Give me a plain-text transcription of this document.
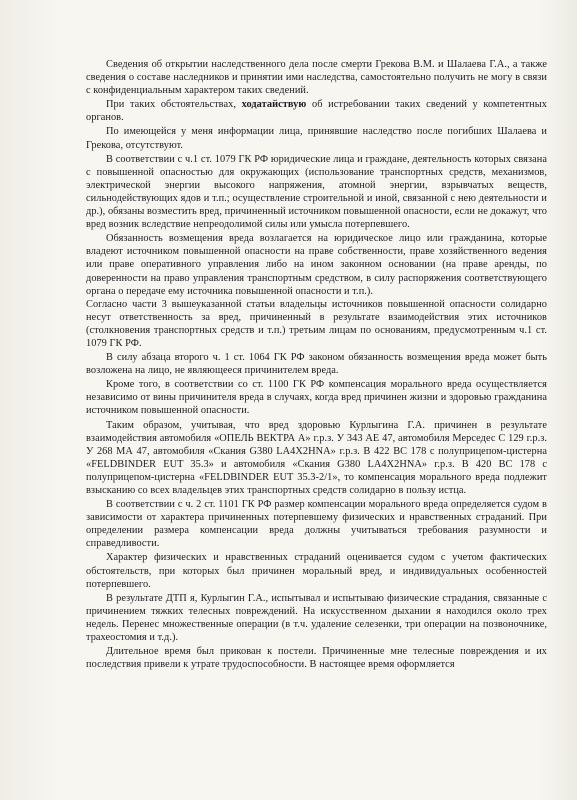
Сведения об открытии наследственного дела после смерти Грекова В.М. и Шалаева Г.А., а также сведения о составе наследников и принятии ими наследства, самостоятельно получить не могу в связи с конфиденциальным характером таких сведений.

При таких обстоятельствах, ходатайствую об истребовании таких сведений у компетентных органов.

По имеющейся у меня информации лица, принявшие наследство после погибших Шалаева и Грекова, отсутствуют.

В соответствии с ч.1 ст. 1079 ГК РФ юридические лица и граждане, деятельность которых связана с повышенной опасностью для окружающих (использование транспортных средств, механизмов, электрической энергии высокого напряжения, атомной энергии, взрывчатых веществ, сильнодействующих ядов и т.п.; осуществление строительной и иной, связанной с нею деятельности и др.), обязаны возместить вред, причиненный источником повышенной опасности, если не докажут, что вред возник вследствие непреодолимой силы или умысла потерпевшего.

Обязанность возмещения вреда возлагается на юридическое лицо или гражданина, которые владеют источником повышенной опасности на праве собственности, праве хозяйственного ведения или праве оперативного управления либо на ином законном основании (на праве аренды, по доверенности на право управления транспортным средством, в силу распоряжения соответствующего органа о передаче ему источника повышенной опасности и т.п.).

Согласно части 3 вышеуказанной статьи владельцы источников повышенной опасности солидарно несут ответственность за вред, причиненный в результате взаимодействия этих источников (столкновения транспортных средств и т.п.) третьим лицам по основаниям, предусмотренным ч.1 ст. 1079 ГК РФ.

В силу абзаца второго ч. 1 ст. 1064 ГК РФ законом обязанность возмещения вреда может быть возложена на лицо, не являющееся причинителем вреда.

Кроме того, в соответствии со ст. 1100 ГК РФ компенсация морального вреда осуществляется независимо от вины причинителя вреда в случаях, когда вред причинен жизни и здоровью гражданина источником повышенной опасности.

Таким образом, учитывая, что вред здоровью Курлыгина Г.А. причинен в результате взаимодействия автомобиля «ОПЕЛЬ ВЕКТРА А» г.р.з. У 343 АЕ 47, автомобиля Мерседес С 129 г.р.з. У 268 МА 47, автомобиля «Скания G380 LA4X2HNA» г.р.з. В 422 ВС 178 с полуприцепом-цистерна «FELDBINDER EUT 35.3» и автомобиля «Скания G380 LA4X2HNA» г.р.з. В 420 ВС 178 с полуприцепом-цистерна «FELDBINDER EUT 35.3-2/1», то компенсация морального вреда подлежит взысканию со всех владельцев этих транспортных средств солидарно в пользу истца.

В соответствии с ч. 2 ст. 1101 ГК РФ размер компенсации морального вреда определяется судом в зависимости от характера причиненных потерпевшему физических и нравственных страданий. При определении размера компенсации вреда должны учитываться требования разумности и справедливости.

Характер физических и нравственных страданий оценивается судом с учетом фактических обстоятельств, при которых был причинен моральный вред, и индивидуальных особенностей потерпевшего.

В результате ДТП я, Курлыгин Г.А., испытывал и испытываю физические страдания, связанные с причинением тяжких телесных повреждений. На искусственном дыхании я находился около трех недель. Перенес множественные операции (в т.ч. удаление селезенки, три операции на позвоночнике, трахеостомия и т.д.).

Длительное время был прикован к постели. Причиненные мне телесные повреждения и их последствия привели к утрате трудоспособности. В настоящее время оформляется
